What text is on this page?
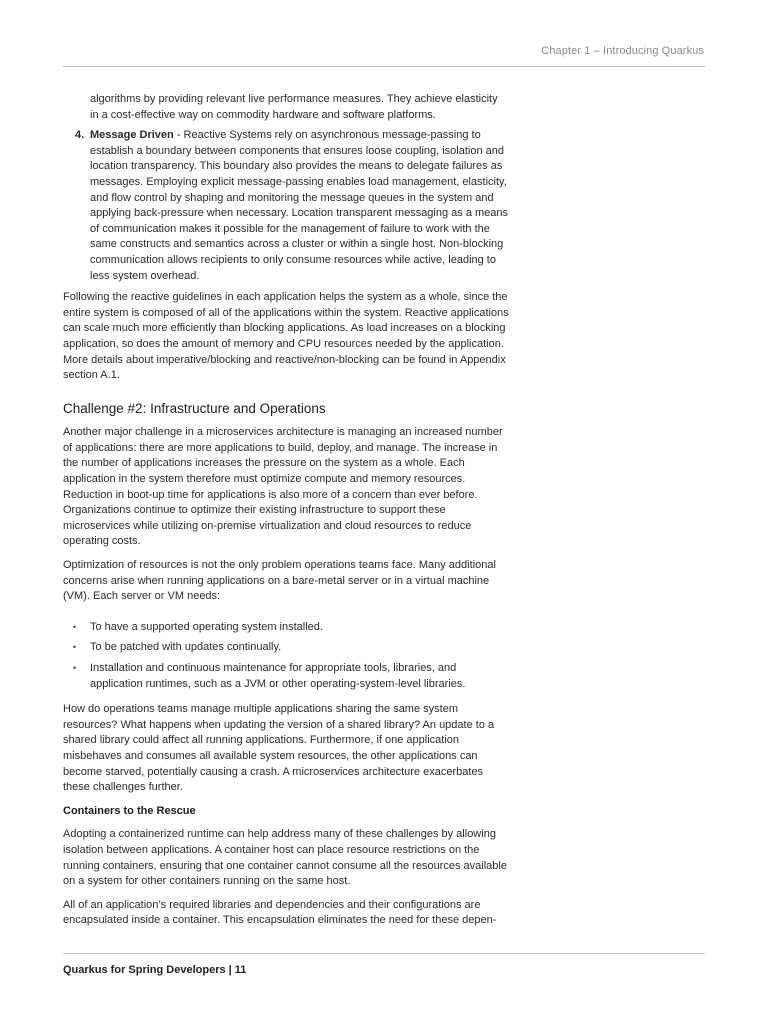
Chapter 1 – Introducing Quarkus

algorithms by providing relevant live performance measures. They achieve elasticity in a cost-effective way on commodity hardware and software platforms.

4. Message Driven - Reactive Systems rely on asynchronous message-passing to establish a boundary between components that ensures loose coupling, isolation and location transparency. This boundary also provides the means to delegate failures as messages. Employing explicit message-passing enables load management, elasticity, and flow control by shaping and monitoring the message queues in the system and applying back-pressure when necessary. Location transparent messaging as a means of communication makes it possible for the management of failure to work with the same constructs and semantics across a cluster or within a single host. Non-blocking communication allows recipients to only consume resources while active, leading to less system overhead.

Following the reactive guidelines in each application helps the system as a whole, since the entire system is composed of all of the applications within the system. Reactive applications can scale much more efficiently than blocking applications. As load increases on a blocking application, so does the amount of memory and CPU resources needed by the application. More details about imperative/blocking and reactive/non-blocking can be found in Appendix section A.1.

Challenge #2: Infrastructure and Operations

Another major challenge in a microservices architecture is managing an increased number of applications: there are more applications to build, deploy, and manage. The increase in the number of applications increases the pressure on the system as a whole. Each application in the system therefore must optimize compute and memory resources. Reduction in boot-up time for applications is also more of a concern than ever before. Organizations continue to optimize their existing infrastructure to support these microservices while utilizing on-premise virtualization and cloud resources to reduce operating costs.

Optimization of resources is not the only problem operations teams face. Many additional concerns arise when running applications on a bare-metal server or in a virtual machine (VM). Each server or VM needs:

• To have a supported operating system installed.
• To be patched with updates continually.
• Installation and continuous maintenance for appropriate tools, libraries, and application runtimes, such as a JVM or other operating-system-level libraries.

How do operations teams manage multiple applications sharing the same system resources? What happens when updating the version of a shared library? An update to a shared library could affect all running applications. Furthermore, if one application misbehaves and consumes all available system resources, the other applications can become starved, potentially causing a crash. A microservices architecture exacerbates these challenges further.

Containers to the Rescue

Adopting a containerized runtime can help address many of these challenges by allowing isolation between applications. A container host can place resource restrictions on the running containers, ensuring that one container cannot consume all the resources available on a system for other containers running on the same host.

All of an application’s required libraries and dependencies and their configurations are encapsulated inside a container. This encapsulation eliminates the need for these depen-

Quarkus for Spring Developers | 11
